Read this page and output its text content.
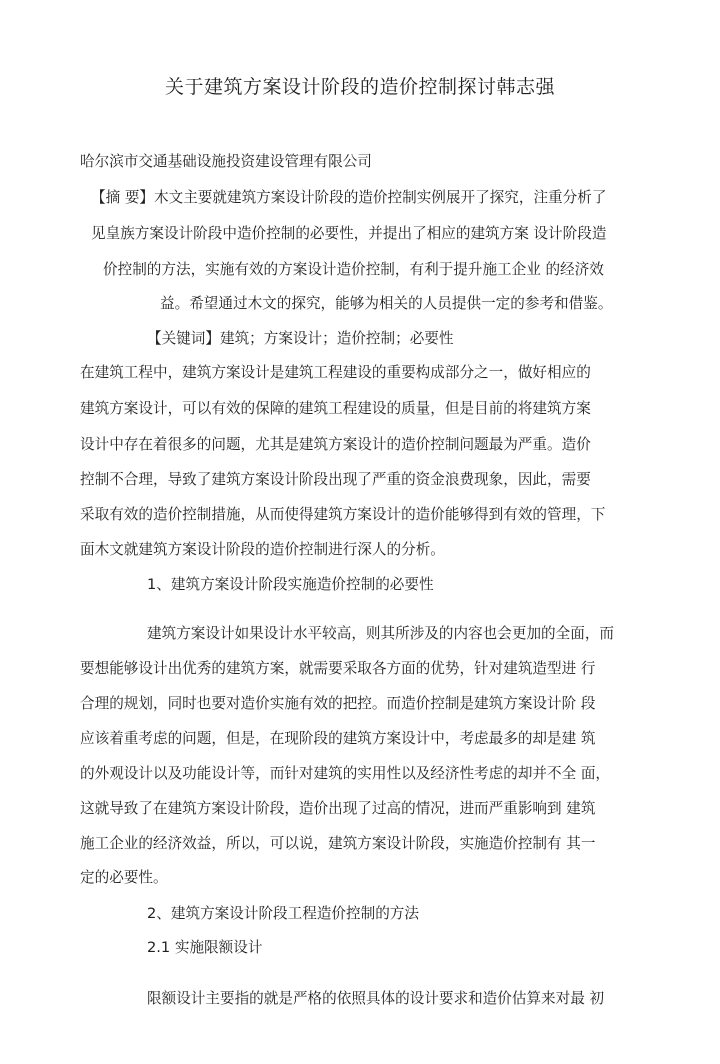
关于建筑方案设计阶段的造价控制探讨韩志强
哈尔滨市交通基础设施投资建设管理有限公司
【摘 要】木文主要就建筑方案设计阶段的造价控制实例展开了探究，注重分析了
见皇族方案设计阶段中造价控制的必要性，并提出了相应的建筑方案 设计阶段造
价控制的方法，实施有效的方案设计造价控制，有利于提升施工企业 的经济效
益。希望通过木文的探究，能够为相关的人员提供一定的参考和借鉴。
【关键词】建筑；方案设计；造价控制；必要性
在建筑工程中，建筑方案设计是建筑工程建设的重要构成部分之一，做好相应的
建筑方案设计，可以有效的保障的建筑工程建设的质量，但是目前的将建筑方案
设计中存在着很多的问题，尤其是建筑方案设计的造价控制问题最为严重。造价
控制不合理，导致了建筑方案设计阶段出现了严重的资金浪费现象，因此，需要
采取有效的造价控制措施，从而使得建筑方案设计的造价能够得到有效的管理，下
面木文就建筑方案设计阶段的造价控制进行深人的分析。
1、建筑方案设计阶段实施造价控制的必要性
建筑方案设计如果设计水平较高，则其所涉及的内容也会更加的全面，而
要想能够设计出优秀的建筑方案，就需要采取各方面的优势，针对建筑造型进 行
合理的规划，同时也要对造价实施有效的把控。而造价控制是建筑方案设计阶 段
应该着重考虑的问题，但是，在现阶段的建筑方案设计中，考虑最多的却是建 筑
的外观设计以及功能设计等，而针对建筑的实用性以及经济性考虑的却并不全 面，
这就导致了在建筑方案设计阶段，造价出现了过高的情况，进而严重影响到 建筑
施工企业的经济效益，所以，可以说，建筑方案设计阶段，实施造价控制有 其一
定的必要性。
2、建筑方案设计阶段工程造价控制的方法
2.1 实施限额设计
限额设计主要指的就是严格的依照具体的设计要求和造价估算来对最 初
